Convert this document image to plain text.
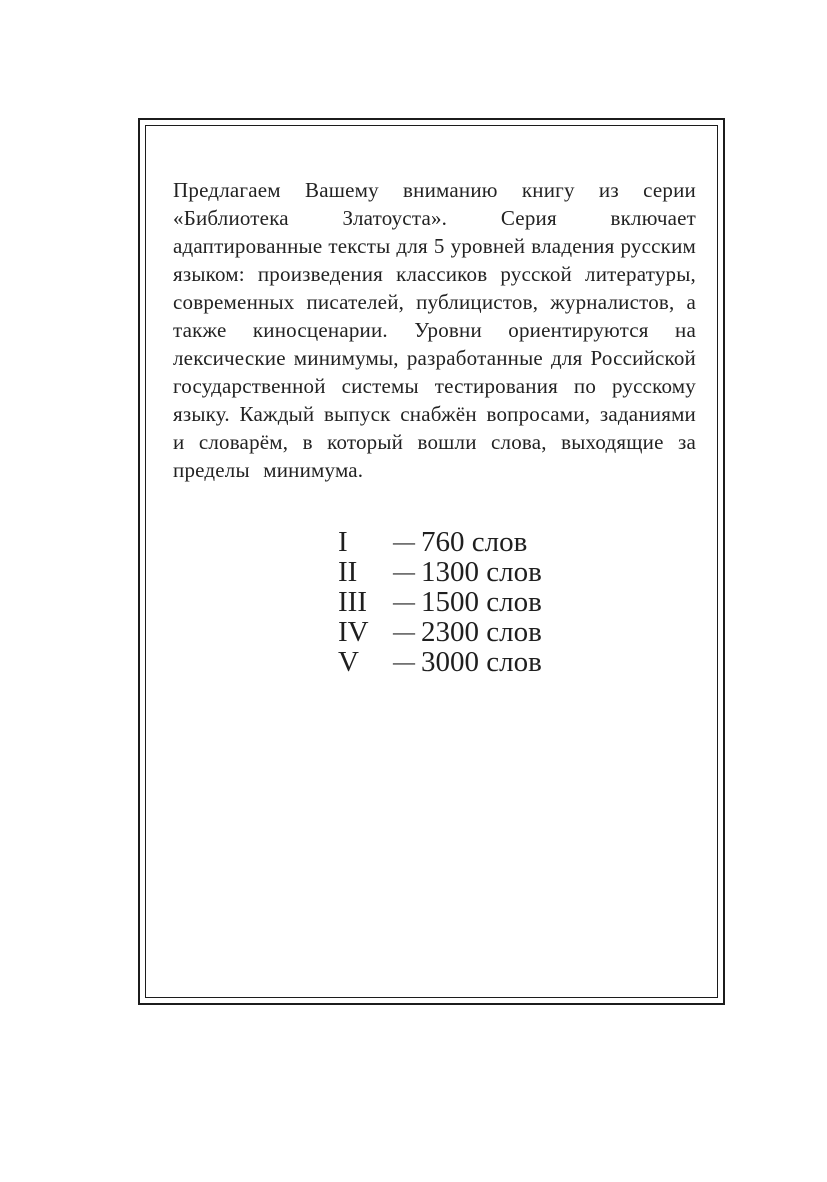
Предлагаем Вашему вниманию книгу из серии
«Библиотека Златоуста». Серия включает
адаптированные тексты для 5 уровней владения русским
языком: произведения классиков русской литературы,
современных писателей, публицистов, журналистов, а
также киносценарии. Уровни ориентируются на
лексические минимумы, разработанные для Российской
государственной системы тестирования по русскому
языку. Каждый выпуск снабжён вопросами, заданиями
и словарём, в который вошли слова, выходящие за
пределы минимума.
I — 760 слов
II — 1300 слов
III — 1500 слов
IV — 2300 слов
V — 3000 слов
